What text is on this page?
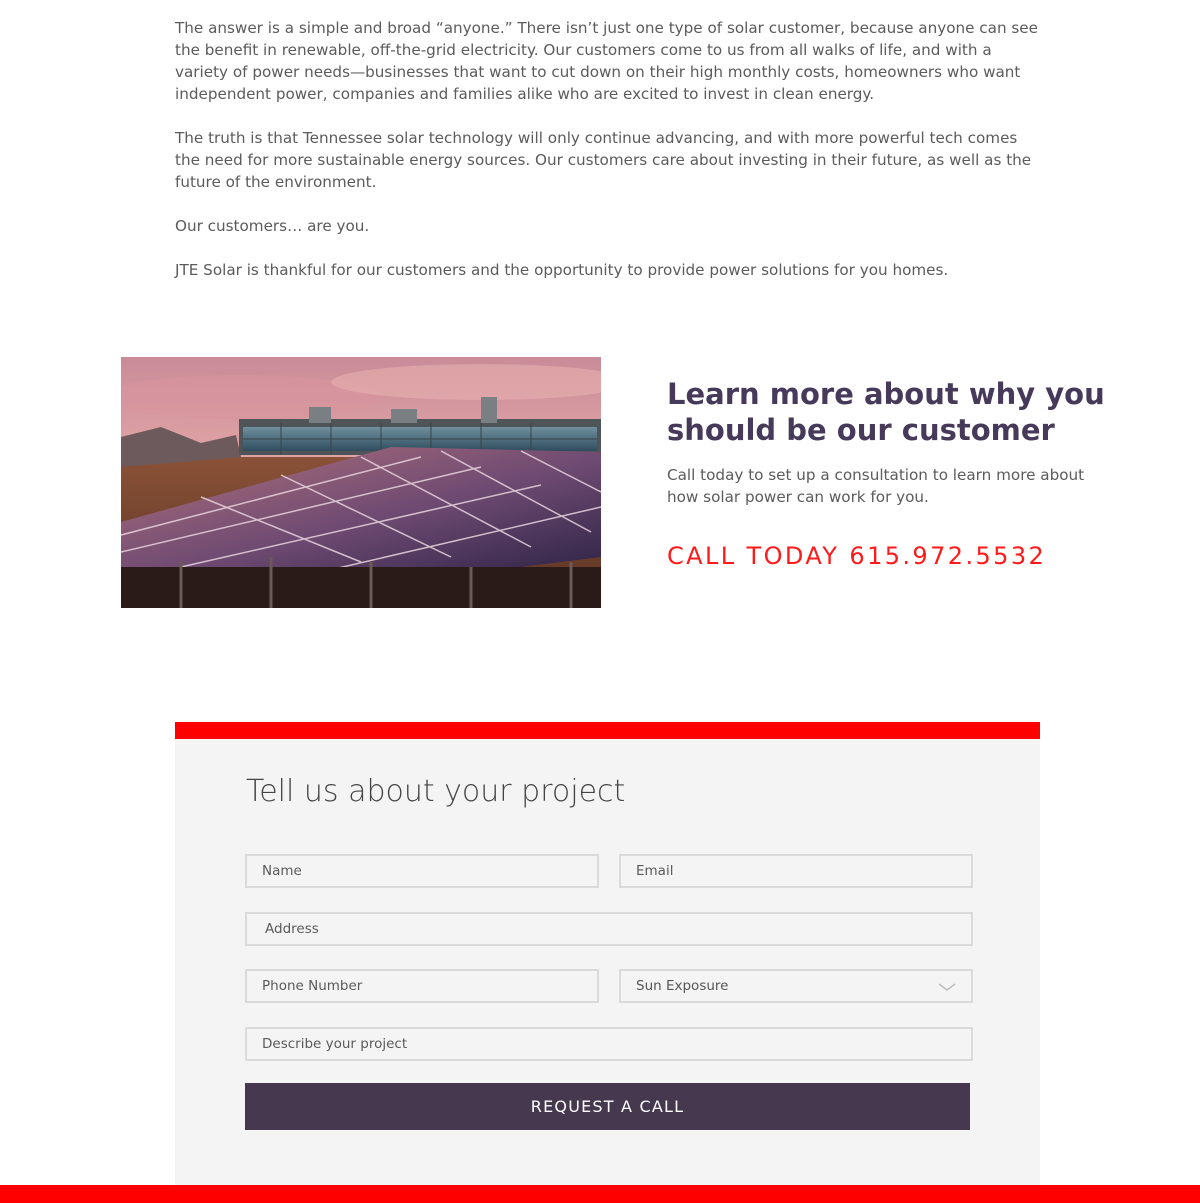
The answer is a simple and broad “anyone.” There isn’t just one type of solar customer, because anyone can see the benefit in renewable, off-the-grid electricity. Our customers come to us from all walks of life, and with a variety of power needs—businesses that want to cut down on their high monthly costs, homeowners who want independent power, companies and families alike who are excited to invest in clean energy.

The truth is that Tennessee solar technology will only continue advancing, and with more powerful tech comes the need for more sustainable energy sources. Our customers care about investing in their future, as well as the future of the environment.

Our customers… are you.

JTE Solar is thankful for our customers and the opportunity to provide power solutions for you homes.

Learn more about why you should be our customer

Call today to set up a consultation to learn more about how solar power can work for you.

CALL TODAY 615.972.5532
Tell us about your project
Name
Email
Address
Phone Number
Sun Exposure
Describe your project
REQUEST A CALL
